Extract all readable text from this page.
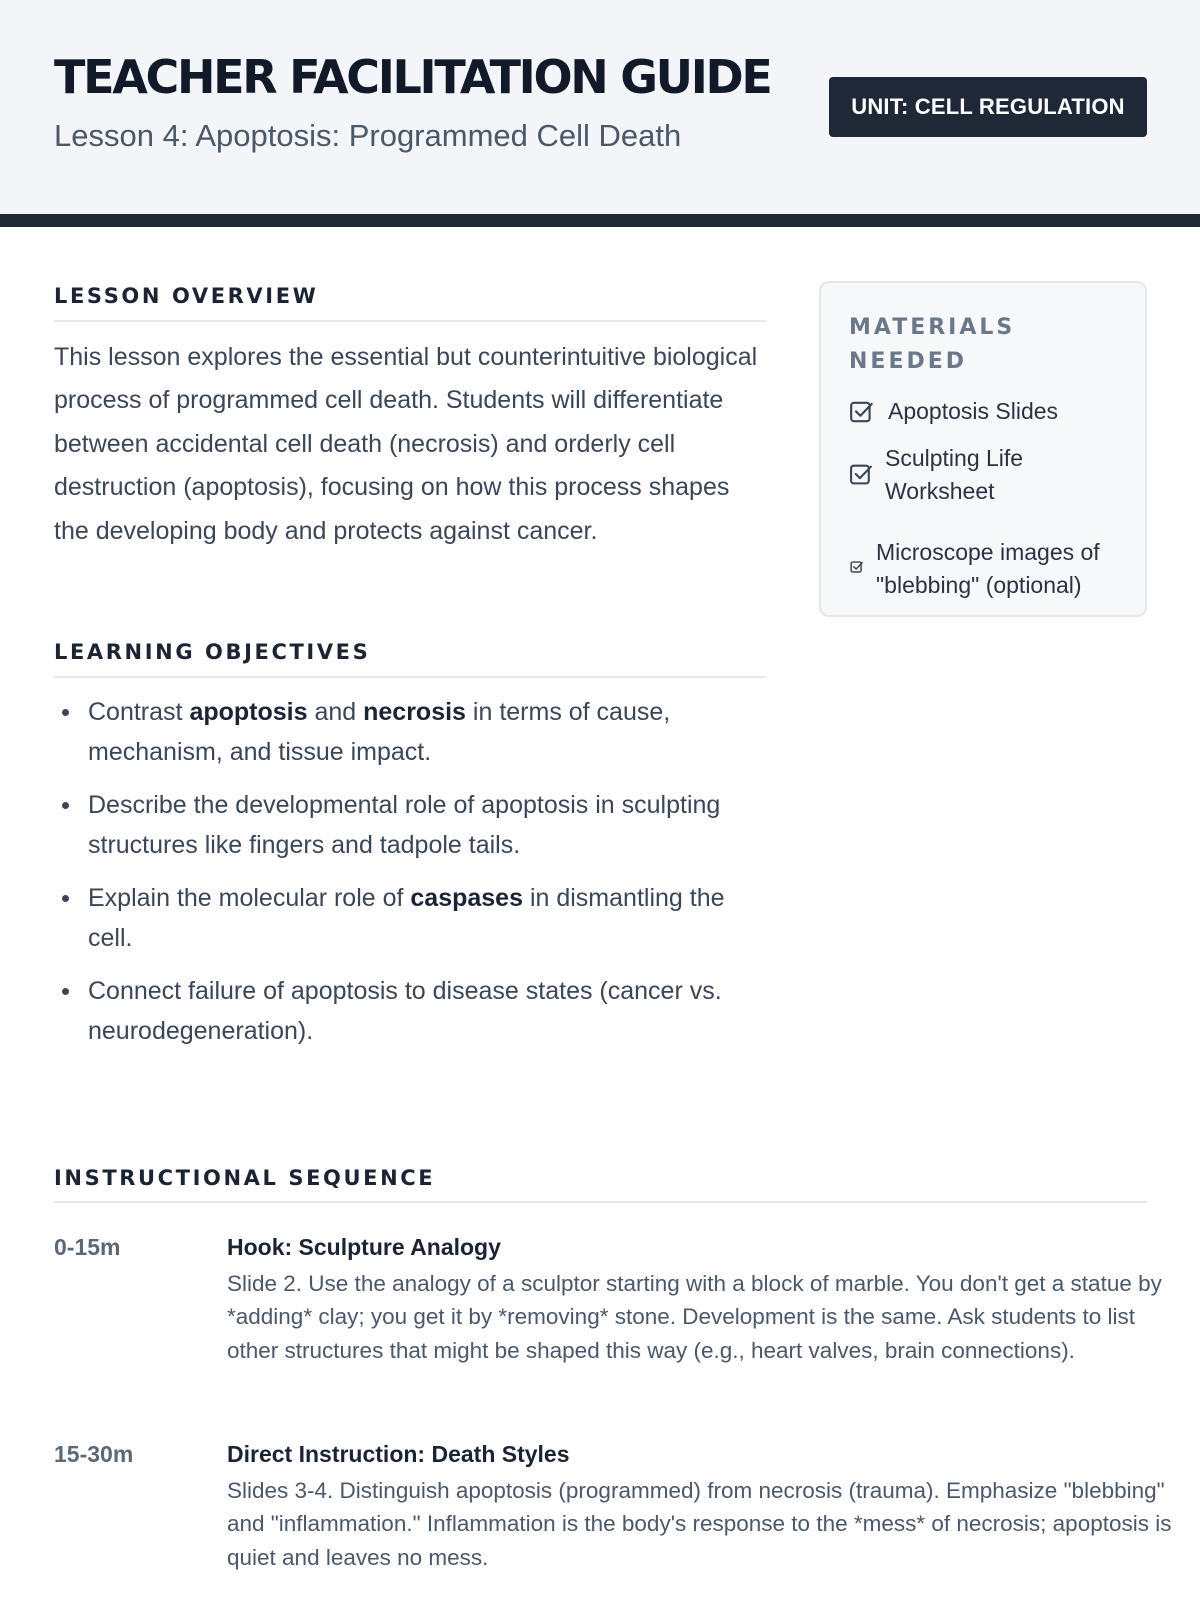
TEACHER FACILITATION GUIDE
Lesson 4: Apoptosis: Programmed Cell Death
UNIT: CELL REGULATION
LESSON OVERVIEW

This lesson explores the essential but counterintuitive biological process of programmed cell death. Students will differentiate between accidental cell death (necrosis) and orderly cell destruction (apoptosis), focusing on how this process shapes the developing body and protects against cancer.

LEARNING OBJECTIVES
Contrast apoptosis and necrosis in terms of cause, mechanism, and tissue impact.
Describe the developmental role of apoptosis in sculpting structures like fingers and tadpole tails.
Explain the molecular role of caspases in dismantling the cell.
Connect failure of apoptosis to disease states (cancer vs. neurodegeneration).
MATERIALS NEEDED
Apoptosis Slides
Sculpting Life
Worksheet
Microscope images of
"blebbing" (optional)
INSTRUCTIONAL SEQUENCE
0-15m	Hook: Sculpture Analogy
Slide 2. Use the analogy of a sculptor starting with a block of marble. You don't get a statue by *adding* clay; you get it by *removing* stone. Development is the same. Ask students to list other structures that might be shaped this way (e.g., heart valves, brain connections).
15-30m	Direct Instruction: Death Styles
Slides 3-4. Distinguish apoptosis (programmed) from necrosis (trauma). Emphasize "blebbing" and "inflammation." Inflammation is the body's response to the *mess* of necrosis; apoptosis is quiet and leaves no mess.
